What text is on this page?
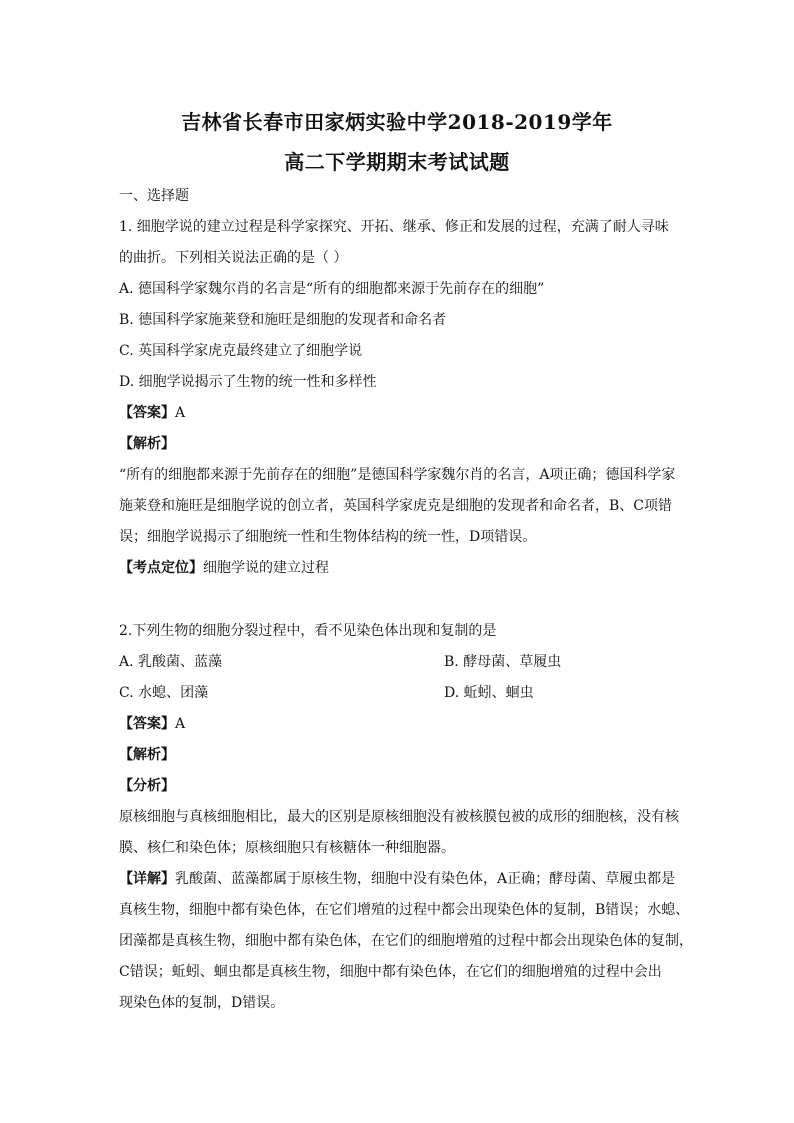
吉林省长春市田家炳实验中学2018-2019学年
高二下学期期末考试试题
一、选择题
1. 细胞学说的建立过程是科学家探究、开拓、继承、修正和发展的过程，充满了耐人寻味
的曲折。下列相关说法正确的是（ ）
A. 德国科学家魏尔肖的名言是“所有的细胞都来源于先前存在的细胞”
B. 德国科学家施莱登和施旺是细胞的发现者和命名者
C. 英国科学家虎克最终建立了细胞学说
D. 细胞学说揭示了生物的统一性和多样性
【答案】A
【解析】
“所有的细胞都来源于先前存在的细胞”是德国科学家魏尔肖的名言，A项正确；德国科学家
施莱登和施旺是细胞学说的创立者，英国科学家虎克是细胞的发现者和命名者，B、C项错
误；细胞学说揭示了细胞统一性和生物体结构的统一性，D项错误。
【考点定位】细胞学说的建立过程
2.下列生物的细胞分裂过程中，看不见染色体出现和复制的是
A. 乳酸菌、蓝藻	B. 酵母菌、草履虫
C. 水螅、团藻	D. 蚯蚓、蛔虫
【答案】A
【解析】
【分析】
原核细胞与真核细胞相比，最大的区别是原核细胞没有被核膜包被的成形的细胞核，没有核
膜、核仁和染色体；原核细胞只有核糖体一种细胞器。
【详解】乳酸菌、蓝藻都属于原核生物，细胞中没有染色体，A正确；酵母菌、草履虫都是
真核生物，细胞中都有染色体，在它们增殖的过程中都会出现染色体的复制，B错误；水螅、
团藻都是真核生物，细胞中都有染色体，在它们的细胞增殖的过程中都会出现染色体的复制，
C错误；蚯蚓、蛔虫都是真核生物，细胞中都有染色体，在它们的细胞增殖的过程中会出
现染色体的复制，D错误。
